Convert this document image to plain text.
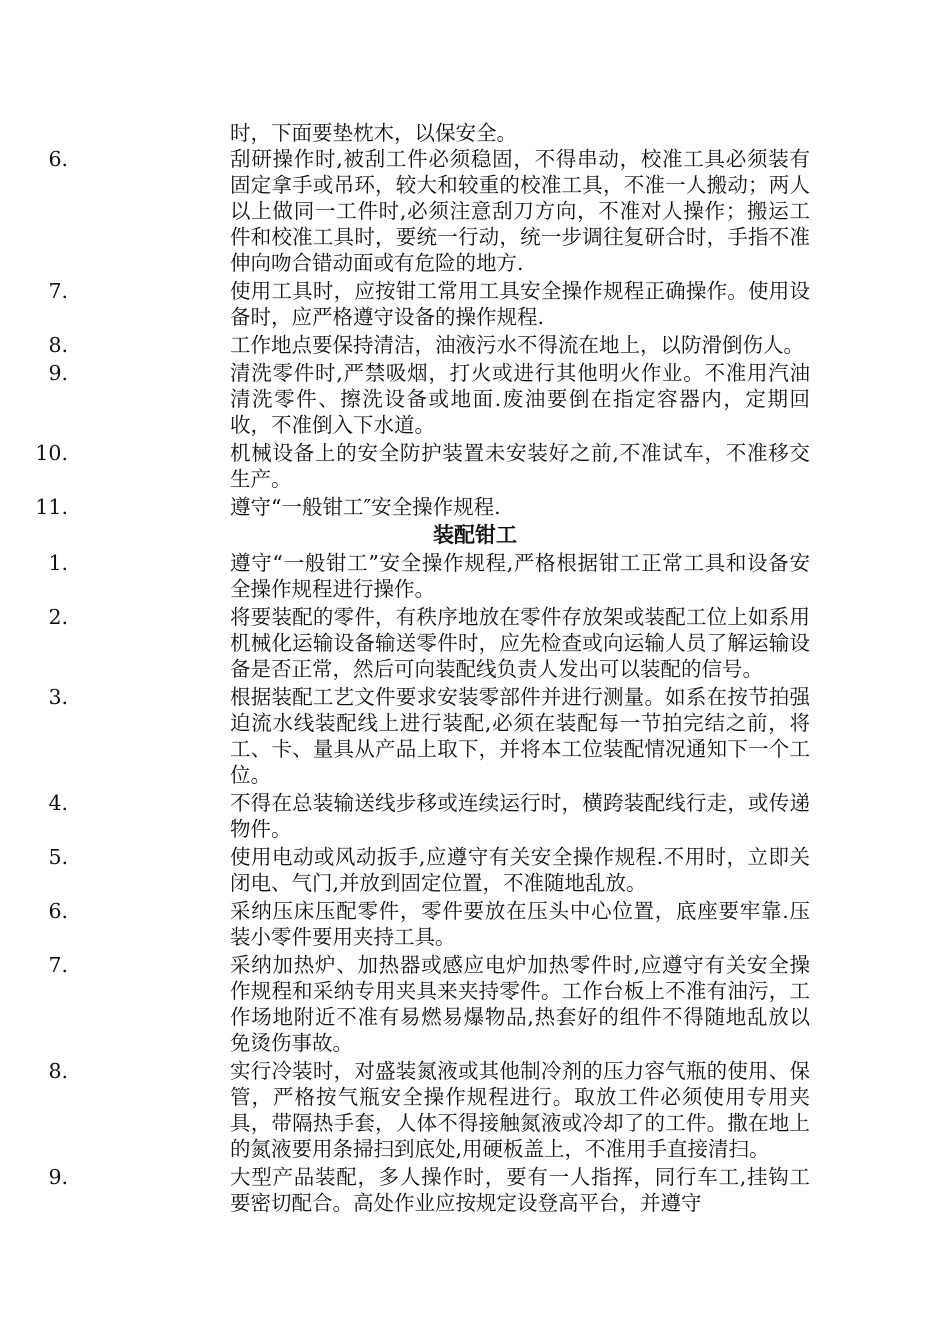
时，下面要垫枕木，以保安全。
6.	刮研操作时,被刮工件必须稳固，不得串动，校准工具必须装有固定拿手或吊环，较大和较重的校准工具，不准一人搬动；两人以上做同一工件时,必须注意刮刀方向，不准对人操作；搬运工件和校准工具时，要统一行动，统一步调往复研合时，手指不准伸向吻合错动面或有危险的地方.
7.	使用工具时，应按钳工常用工具安全操作规程正确操作。使用设备时，应严格遵守设备的操作规程.
8.	工作地点要保持清洁，油液污水不得流在地上，以防滑倒伤人。
9.	清洗零件时,严禁吸烟，打火或进行其他明火作业。不准用汽油清洗零件、擦洗设备或地面.废油要倒在指定容器内，定期回收，不准倒入下水道。
10.	机械设备上的安全防护装置未安装好之前,不准试车，不准移交生产。
11.	遵守“一般钳工″安全操作规程.
装配钳工
1.	遵守“一般钳工”安全操作规程,严格根据钳工正常工具和设备安全操作规程进行操作。
2.	将要装配的零件，有秩序地放在零件存放架或装配工位上如系用机械化运输设备输送零件时，应先检查或向运输人员了解运输设备是否正常，然后可向装配线负责人发出可以装配的信号。
3.	根据装配工艺文件要求安装零部件并进行测量。如系在按节拍强迫流水线装配线上进行装配,必须在装配每一节拍完结之前，将工、卡、量具从产品上取下，并将本工位装配情况通知下一个工位。
4.	不得在总装输送线步移或连续运行时，横跨装配线行走，或传递物件。
5.	使用电动或风动扳手,应遵守有关安全操作规程.不用时，立即关闭电、气门,并放到固定位置，不准随地乱放。
6.	采纳压床压配零件，零件要放在压头中心位置，底座要牢靠.压装小零件要用夹持工具。
7.	采纳加热炉、加热器或感应电炉加热零件时,应遵守有关安全操作规程和采纳专用夹具来夹持零件。工作台板上不准有油污，工作场地附近不准有易燃易爆物品,热套好的组件不得随地乱放以免烫伤事故。
8.	实行冷装时，对盛装氮液或其他制冷剂的压力容气瓶的使用、保管，严格按气瓶安全操作规程进行。取放工件必须使用专用夹具，带隔热手套，人体不得接触氮液或冷却了的工件。撒在地上的氮液要用条掃扫到底处,用硬板盖上，不准用手直接清扫。
9.	大型产品装配，多人操作时，要有一人指挥，同行车工,挂钩工要密切配合。高处作业应按规定设登高平台，并遵守
